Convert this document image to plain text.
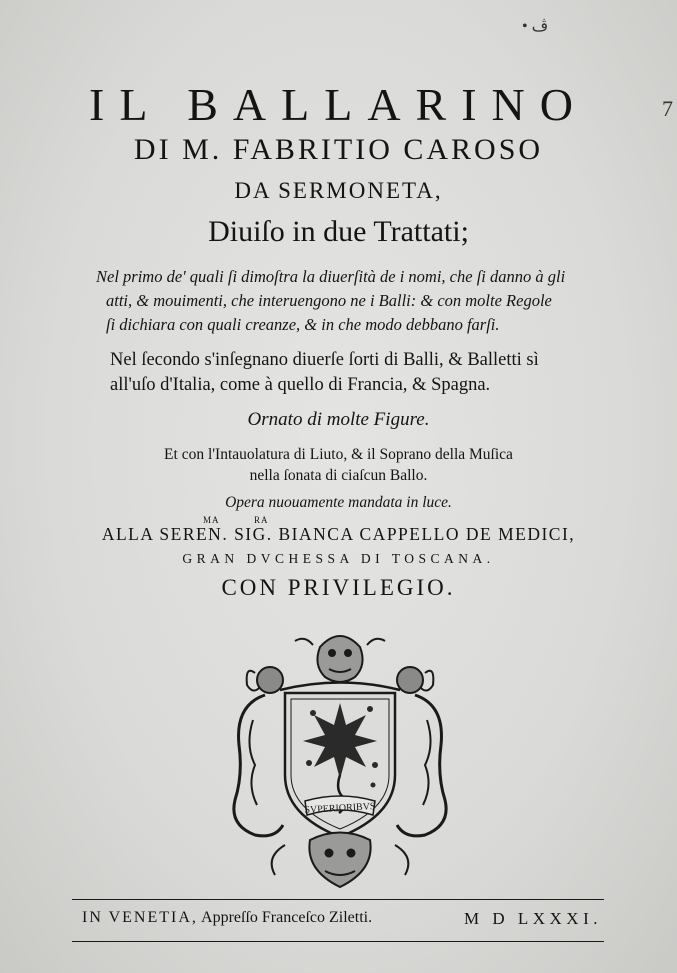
• ڤ
7
IL BALLARINO
DI M. FABRITIO CAROSO
DA SERMONETA,
Diuiſo in due Trattati;
Nel primo de' quali ſi dimoſtra la diuerſità de i nomi, che ſi danno à gli
atti, & mouimenti, che interuengono ne i Balli: & con molte Regole
ſi dichiara con quali creanze, & in che modo debbano farſi.
Nel ſecondo s'inſegnano diuerſe ſorti di Balli, & Balletti sì
all'uſo d'Italia, come à quello di Francia, & Spagna.
Ornato di molte Figure.
Et con l'Intauolatura di Liuto, & il Soprano della Muſica
nella ſonata di ciaſcun Ballo.
Opera nuouamente mandata in luce.
MA	RA
ALLA SEREN. SIG. BIANCA CAPPELLO DE MEDICI,
GRAN DVCHESSA DI TOSCANA.
CON PRIVILEGIO.
SVPERIORIBVS
IN VENETIA, Appreſſo Franceſco Ziletti.	M D LXXXI.
